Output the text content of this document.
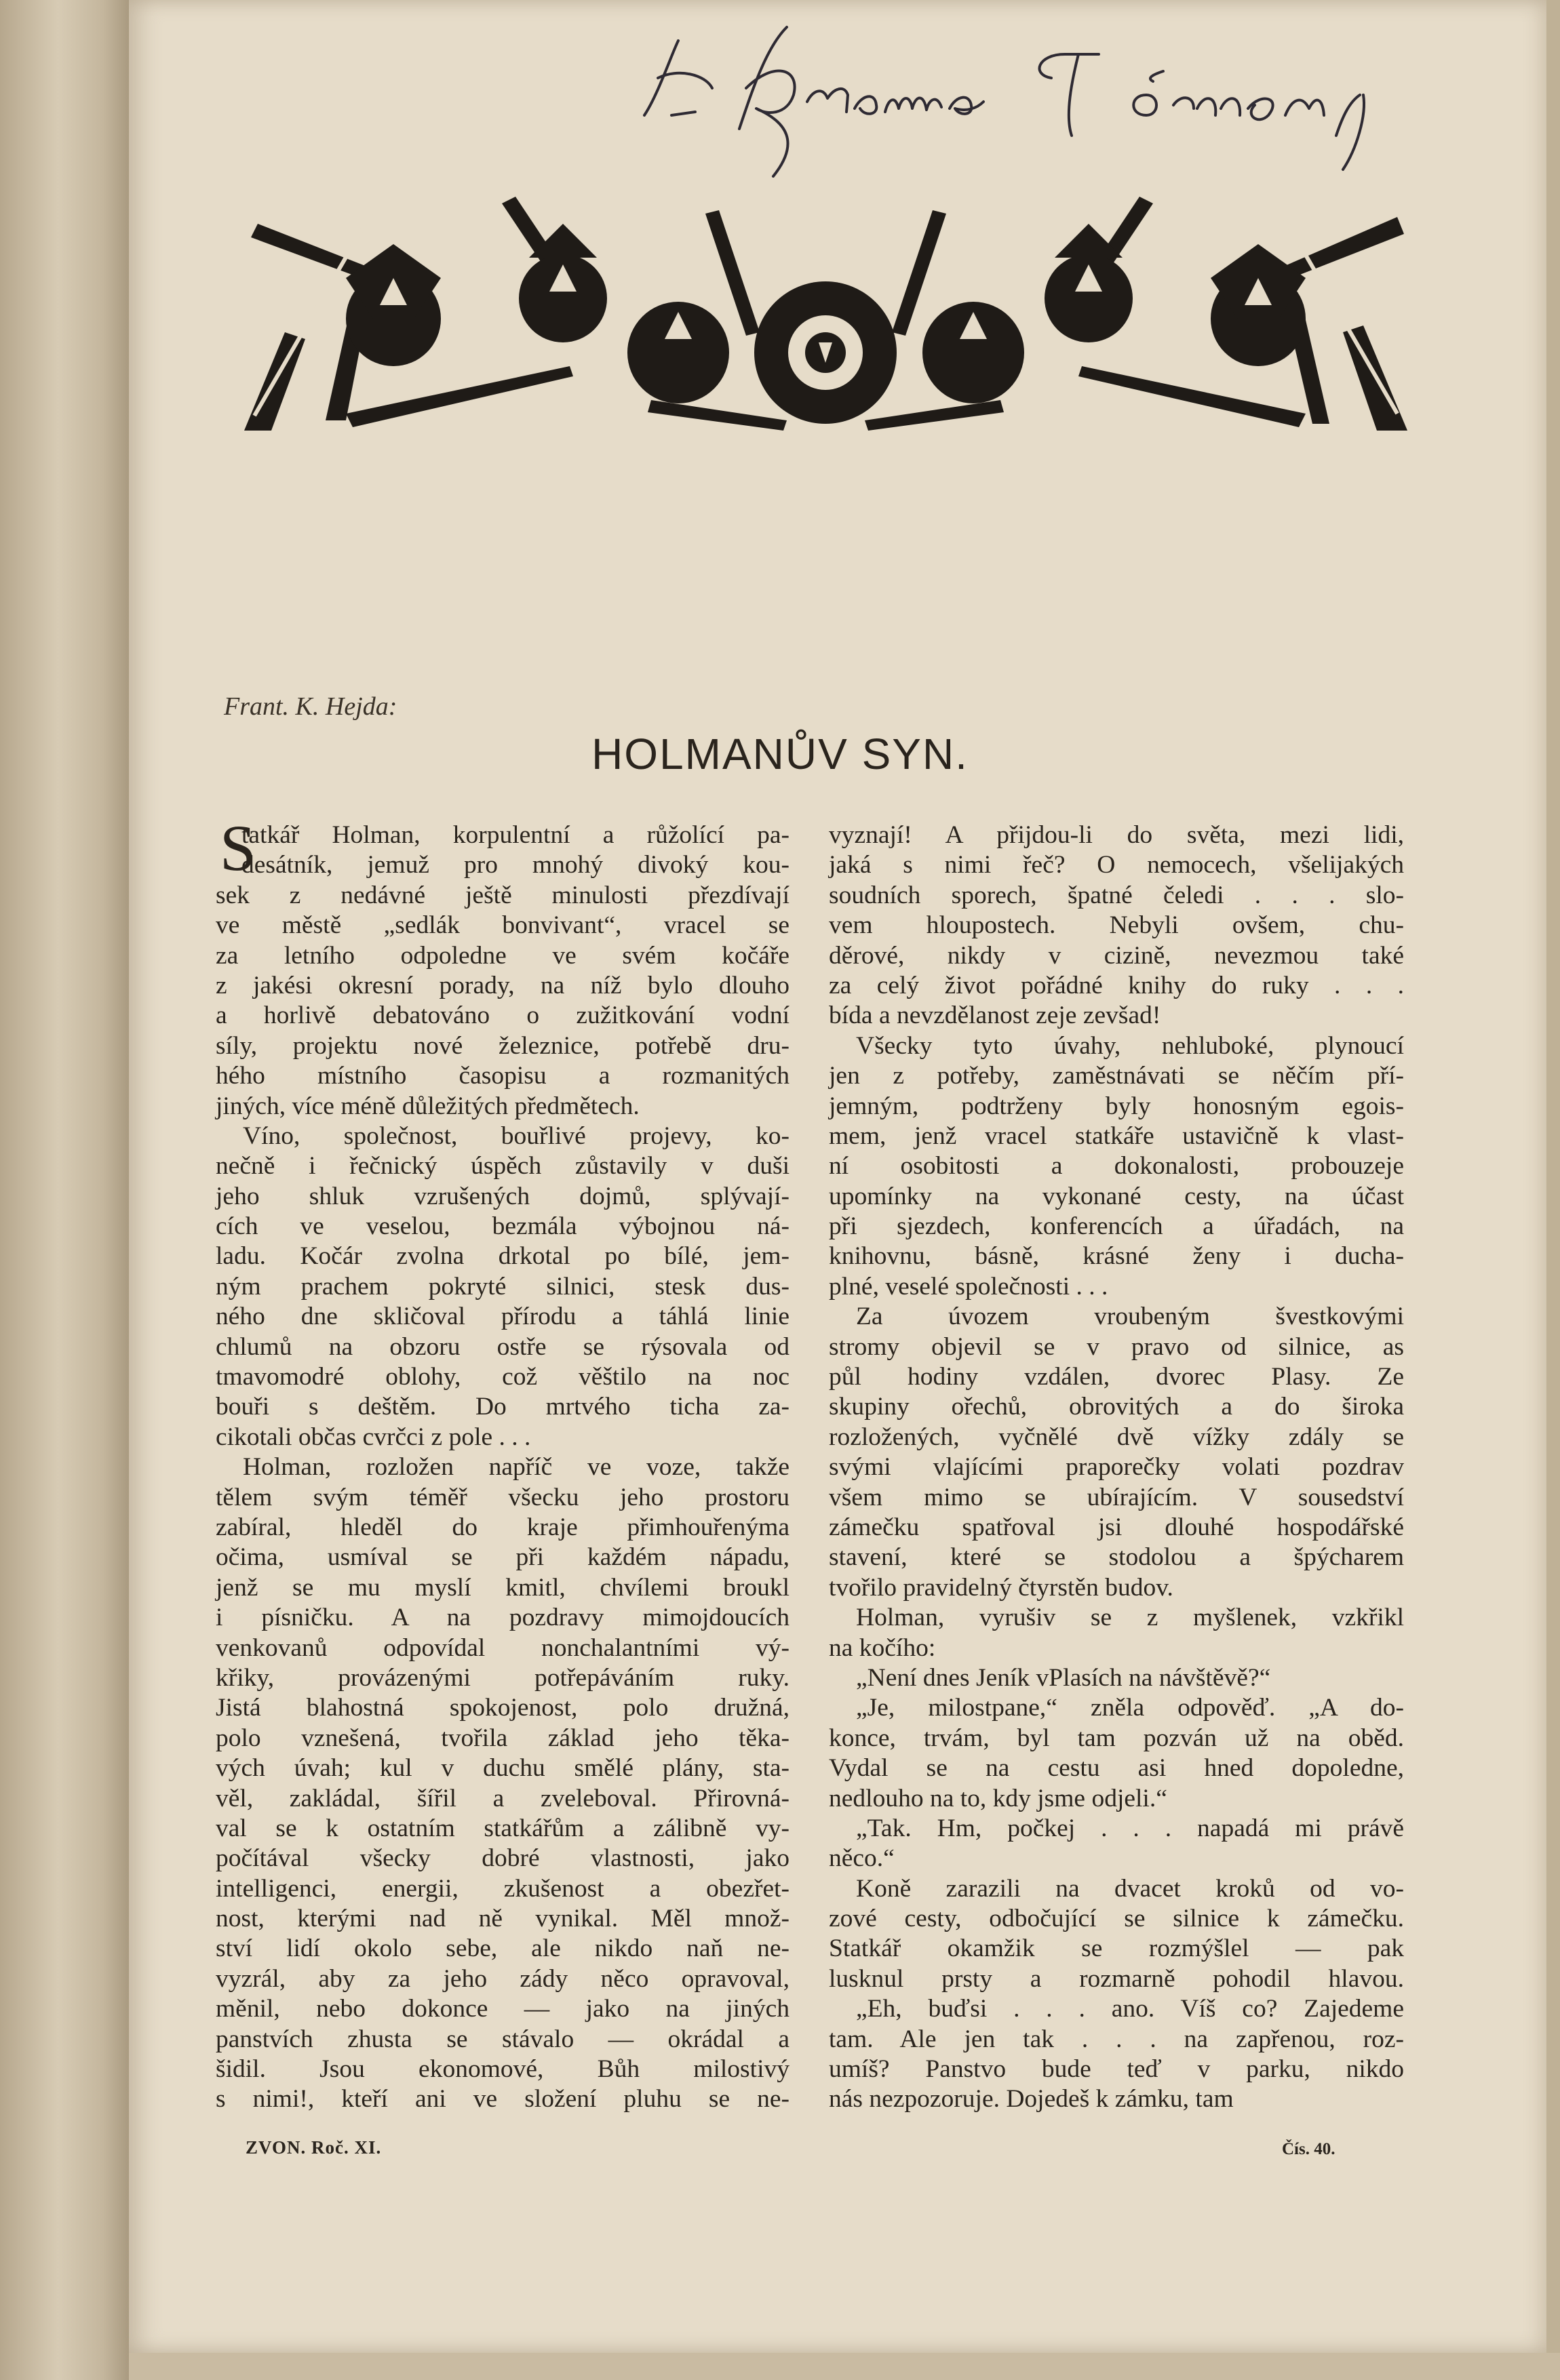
Frant. K. Hejda:
HOLMANŮV SYN.
S
tatkář Holman, korpulentní a růžolící pa-
desátník, jemuž pro mnohý divoký kou-
sek z nedávné ještě minulosti přezdívají
ve městě „sedlák bonvivant“, vracel se
za letního odpoledne ve svém kočáře
z jakési okresní porady, na níž bylo dlouho
a horlivě debatováno o zužitkování vodní
síly, projektu nové železnice, potřebě dru-
hého místního časopisu a rozmanitých
jiných, více méně důležitých předmětech.
Víno, společnost, bouřlivé projevy, ko-
nečně i řečnický úspěch zůstavily v duši
jeho shluk vzrušených dojmů, splývají-
cích ve veselou, bezmála výbojnou ná-
ladu. Kočár zvolna drkotal po bílé, jem-
ným prachem pokryté silnici, stesk dus-
ného dne skličoval přírodu a táhlá linie
chlumů na obzoru ostře se rýsovala od
tmavomodré oblohy, což věštilo na noc
bouři s deštěm. Do mrtvého ticha za-
cikotali občas cvrčci z pole . . .
Holman, rozložen napříč ve voze, takže
tělem svým téměř všecku jeho prostoru
zabíral, hleděl do kraje přimhouřenýma
očima, usmíval se při každém nápadu,
jenž se mu myslí kmitl, chvílemi broukl
i písničku. A na pozdravy mimojdoucích
venkovanů odpovídal nonchalantními vý-
křiky, provázenými potřepáváním ruky.
Jistá blahostná spokojenost, polo družná,
polo vznešená, tvořila základ jeho těka-
vých úvah; kul v duchu smělé plány, sta-
věl, zakládal, šířil a zveleboval. Přirovná-
val se k ostatním statkářům a zálibně vy-
počítával všecky dobré vlastnosti, jako
intelligenci, energii, zkušenost a obezřet-
nost, kterými nad ně vynikal. Měl množ-
ství lidí okolo sebe, ale nikdo naň ne-
vyzrál, aby za jeho zády něco opravoval,
měnil, nebo dokonce — jako na jiných
panstvích zhusta se stávalo — okrádal a
šidil. Jsou ekonomové, Bůh milostivý
s nimi!, kteří ani ve složení pluhu se ne-
vyznají! A přijdou-li do světa, mezi lidi,
jaká s nimi řeč? O nemocech, všelijakých
soudních sporech, špatné čeledi . . . slo-
vem hloupostech. Nebyli ovšem, chu-
děrové, nikdy v cizině, nevezmou také
za celý život pořádné knihy do ruky . . .
bída a nevzdělanost zeje zevšad!
Všecky tyto úvahy, nehluboké, plynoucí
jen z potřeby, zaměstnávati se něčím pří-
jemným, podtrženy byly honosným egois-
mem, jenž vracel statkáře ustavičně k vlast-
ní osobitosti a dokonalosti, probouzeje
upomínky na vykonané cesty, na účast
při sjezdech, konferencích a úřadách, na
knihovnu, básně, krásné ženy i ducha-
plné, veselé společnosti . . .
Za úvozem vroubeným švestkovými
stromy objevil se v pravo od silnice, as
půl hodiny vzdálen, dvorec Plasy. Ze
skupiny ořechů, obrovitých a do široka
rozložených, vyčnělé dvě vížky zdály se
svými vlajícími praporečky volati pozdrav
všem mimo se ubírajícím. V sousedství
zámečku spatřoval jsi dlouhé hospodářské
stavení, které se stodolou a špýcharem
tvořilo pravidelný čtyrstěn budov.
Holman, vyrušiv se z myšlenek, vzkřikl
na kočího:
„Není dnes Jeník vPlasích na návštěvě?“
„Je, milostpane,“ zněla odpověď. „A do-
konce, trvám, byl tam pozván už na oběd.
Vydal se na cestu asi hned dopoledne,
nedlouho na to, kdy jsme odjeli.“
„Tak. Hm, počkej . . . napadá mi právě
něco.“
Koně zarazili na dvacet kroků od vo-
zové cesty, odbočující se silnice k zámečku.
Statkář okamžik se rozmýšlel — pak
lusknul prsty a rozmarně pohodil hlavou.
„Eh, buďsi . . . ano. Víš co? Zajedeme
tam. Ale jen tak . . . na zapřenou, roz-
umíš? Panstvo bude teď v parku, nikdo
nás nezpozoruje. Dojedeš k zámku, tam
ZVON. Roč. XI.	Čís. 40.
